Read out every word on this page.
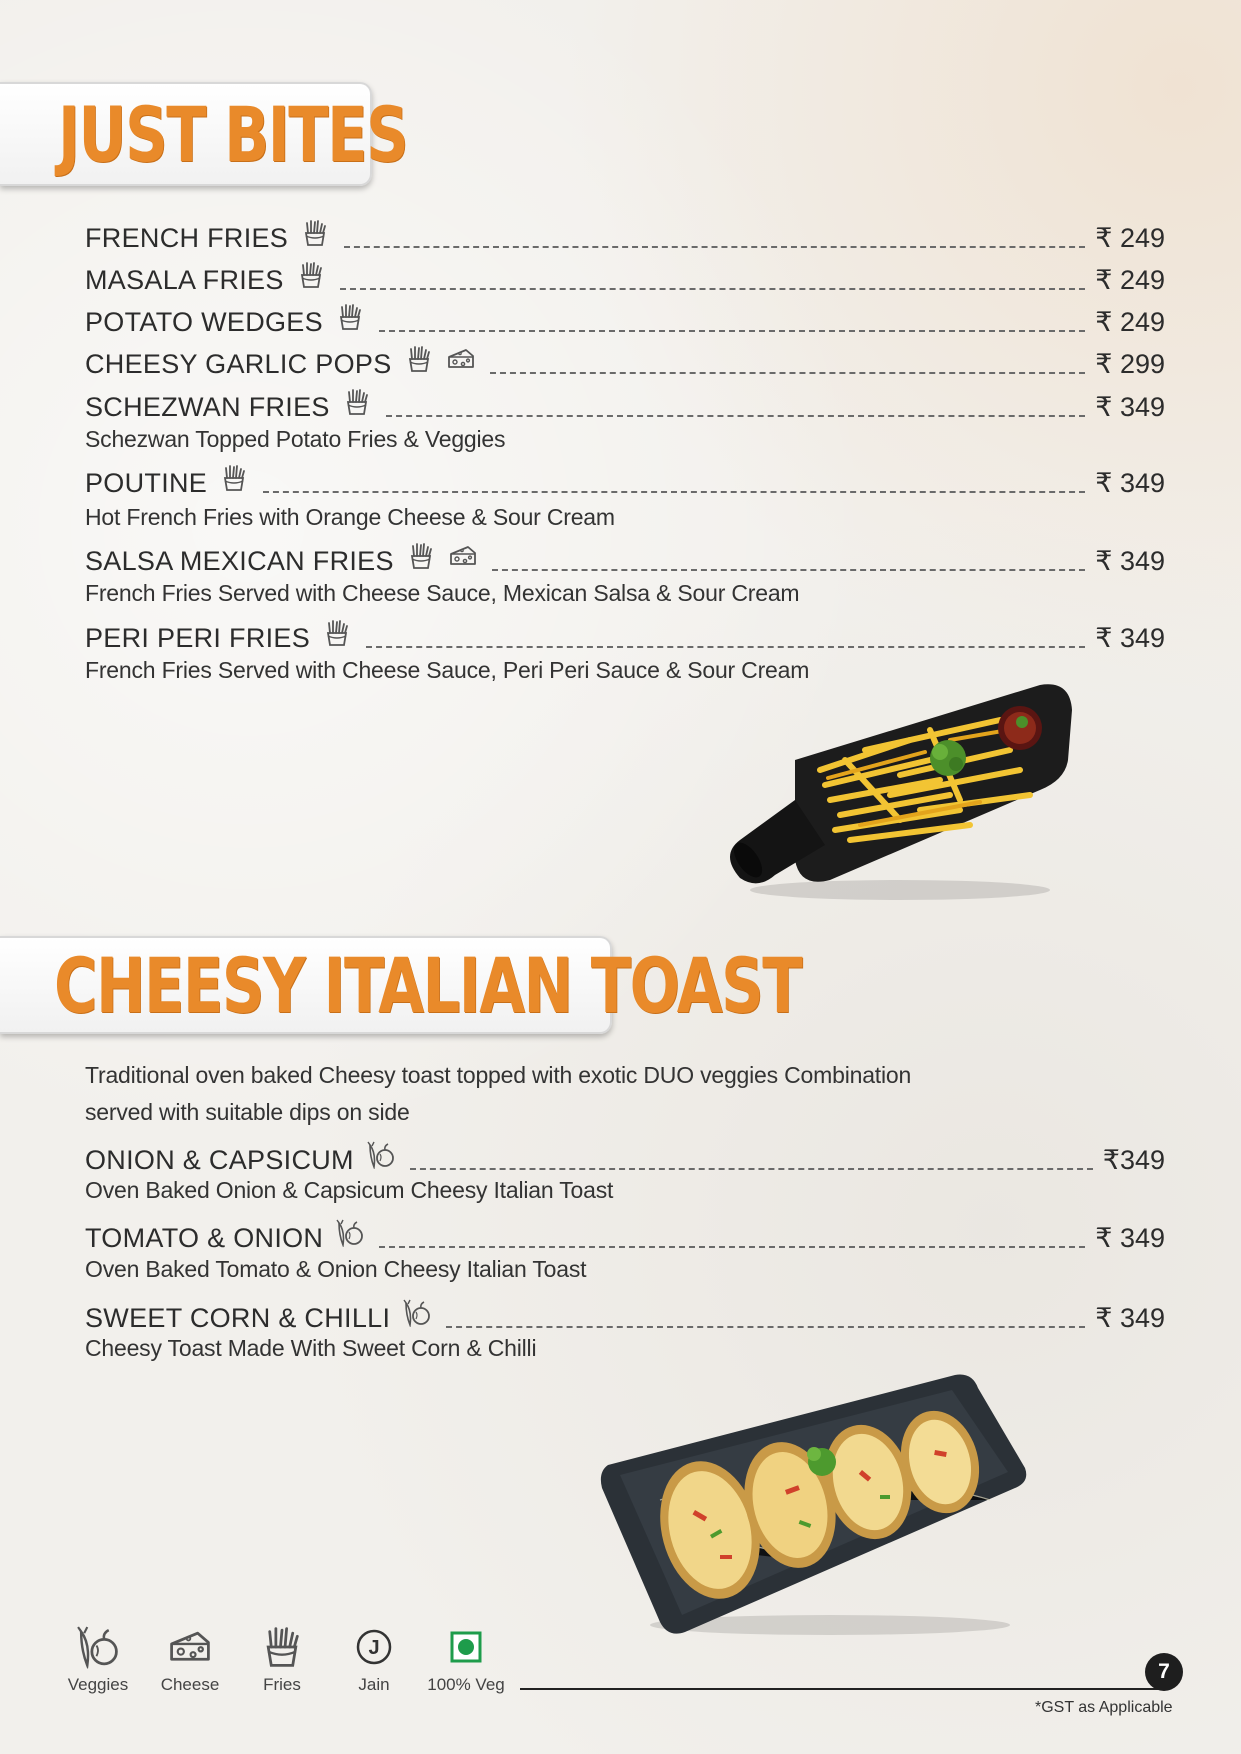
JUST BITES
FRENCH FRIES	₹ 249
MASALA FRIES	₹ 249
POTATO WEDGES	₹ 249
CHEESY GARLIC POPS	₹ 299
SCHEZWAN FRIES	₹ 349
Schezwan Topped Potato Fries & Veggies
POUTINE	₹ 349
Hot French Fries with Orange Cheese & Sour Cream
SALSA MEXICAN FRIES	₹ 349
French Fries Served with Cheese Sauce, Mexican Salsa & Sour Cream
PERI PERI FRIES	₹ 349
French Fries Served with Cheese Sauce, Peri Peri Sauce & Sour Cream
CHEESY ITALIAN TOAST
Traditional oven baked Cheesy toast topped with exotic DUO veggies Combination
served with suitable dips on side
ONION & CAPSICUM	₹349
Oven Baked Onion & Capsicum Cheesy Italian Toast
TOMATO & ONION	₹ 349
Oven Baked Tomato & Onion Cheesy Italian Toast
SWEET CORN & CHILLI	₹ 349
Cheesy Toast Made With Sweet Corn & Chilli
Veggies Cheese	Fries
J
Jain 100% Veg
7
*GST as Applicable
